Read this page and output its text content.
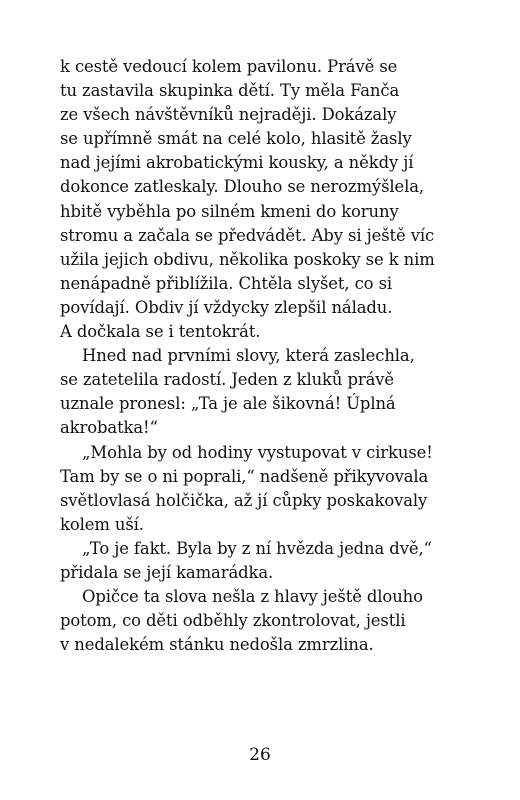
k cestě vedoucí kolem pavilonu. Právě se
tu zastavila skupinka dětí. Ty měla Fanča
ze všech návštěvníků nejraději. Dokázaly
se upřímně smát na celé kolo, hlasitě žasly
nad jejími akrobatickými kousky, a někdy jí
dokonce zatleskaly. Dlouho se nerozmýšlela,
hbitě vyběhla po silném kmeni do koruny
stromu a začala se předvádět. Aby si ještě víc
užila jejich obdivu, několika poskoky se k nim
nenápadně přiblížila. Chtěla slyšet, co si
povídají. Obdiv jí vždycky zlepšil náladu.
A dočkala se i tentokrát.
Hned nad prvními slovy, která zaslechla,
se zatetelila radostí. Jeden z kluků právě
uznale pronesl: „Ta je ale šikovná! Úplná
akrobatka!“
„Mohla by od hodiny vystupovat v cirkuse!
Tam by se o ni poprali,“ nadšeně přikyvovala
světlovlasá holčička, až jí cůpky poskakovaly
kolem uší.
„To je fakt. Byla by z ní hvězda jedna dvě,“
přidala se její kamarádka.
Opičce ta slova nešla z hlavy ještě dlouho
potom, co děti odběhly zkontrolovat, jestli
v nedalekém stánku nedošla zmrzlina.
26
